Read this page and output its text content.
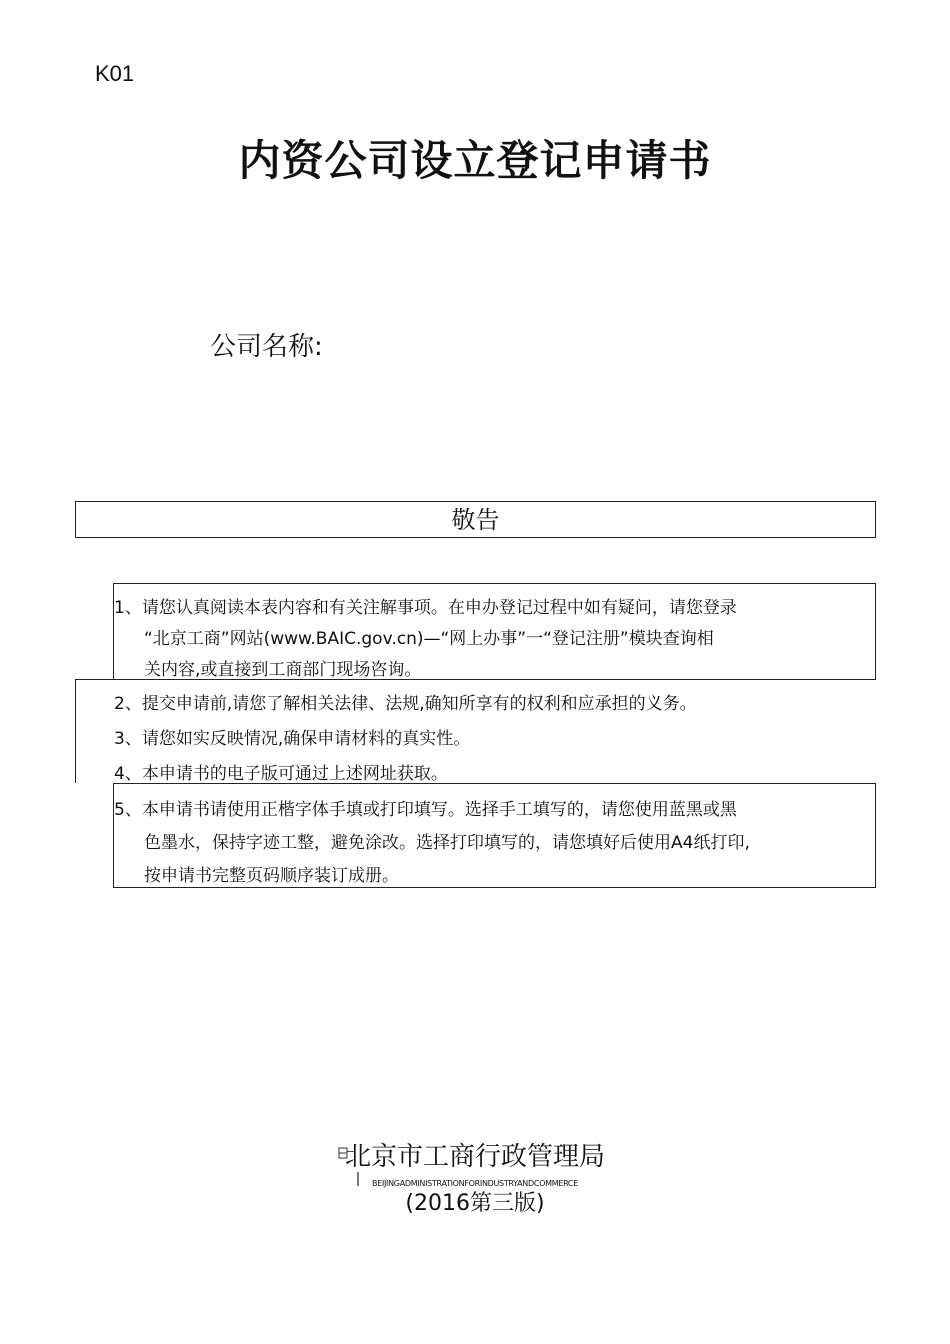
K01
内资公司设立登记申请书
公司名称:
敬告
1、请您认真阅读本表内容和有关注解事项。在申办登记过程中如有疑问，请您登录
“北京工商”网站(www.BAIC.gov.cn)—“网上办事”一“登记注册”模块查询相
关内容,或直接到工商部门现场咨询。
2、提交申请前,请您了解相关法律、法规,确知所享有的权利和应承担的义务。
3、请您如实反映情况,确保申请材料的真实性。
4、本申请书的电子版可通过上述网址获取。
5、本申请书请使用正楷字体手填或打印填写。选择手工填写的，请您使用蓝黑或黑
色墨水，保持字迹工整，避免涂改。选择打印填写的，请您填好后使用A4纸打印,
按申请书完整页码顺序装订成册。
北京市工商行政管理局
BEIJINGADMINISTRATIONFORINDUSTRYANDCOMMERCE
(2016第三版)
